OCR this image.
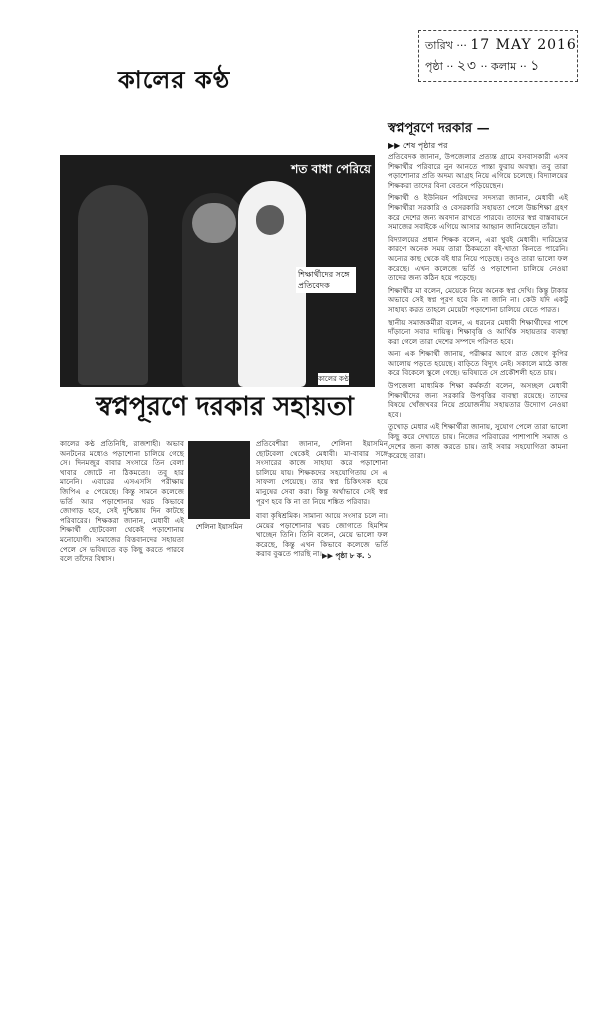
তারিখ ··· 17 MAY 2016
পৃষ্ঠা ·· ২৩ ·· কলাম ·· ১
কালের কণ্ঠ
শত বাধা পেরিয়ে
শিক্ষার্থীদের সঙ্গে প্রতিবেদক
কালের কণ্ঠ
স্বপ্নপূরণে দরকার সহায়তা
কালের কণ্ঠ প্রতিনিধি, রাজশাহী। অভাব অনটনের মধ্যেও পড়াশোনা চালিয়ে গেছে সে। দিনমজুর বাবার সংসারে তিন বেলা খাবার জোটে না ঠিকমতো। তবু হার মানেনি। এবারের এসএসসি পরীক্ষায় জিপিএ ৫ পেয়েছে। কিন্তু সামনে কলেজে ভর্তি আর পড়াশোনার খরচ কিভাবে জোগাড় হবে, সেই দুশ্চিন্তায় দিন কাটছে পরিবারের। শিক্ষকরা জানান, মেধাবী এই শিক্ষার্থী ছোটবেলা থেকেই পড়াশোনায় মনোযোগী। সমাজের বিত্তবানদের সহায়তা পেলে সে ভবিষ্যতে বড় কিছু করতে পারবে বলে তাঁদের বিশ্বাস।
শেলিনা ইয়াসমিন
প্রতিবেশীরা জানান, শেলিনা ইয়াসমিন ছোটবেলা থেকেই মেধাবী। মা-বাবার সঙ্গে সংসারের কাজে সাহায্য করে পড়াশোনা চালিয়ে যায়। শিক্ষকদের সহযোগিতায় সে এ সাফল্য পেয়েছে। তার স্বপ্ন চিকিৎসক হয়ে মানুষের সেবা করা। কিন্তু অর্থাভাবে সেই স্বপ্ন পূরণ হবে কি না তা নিয়ে শঙ্কিত পরিবার।
বাবা কৃষিশ্রমিক। সামান্য আয়ে সংসার চলে না। মেয়ের পড়াশোনার খরচ জোগাতে হিমশিম খাচ্ছেন তিনি। তিনি বলেন, মেয়ে ভালো ফল করেছে, কিন্তু এখন কিভাবে কলেজে ভর্তি করাব বুঝতে পারছি না। ▶▶ পৃষ্ঠা ৮ ক. ১
স্বপ্নপূরণে দরকার —
▶▶ শেষ পৃষ্ঠার পর

প্রতিবেদক জানান, উপজেলার প্রত্যন্ত গ্রামে বসবাসকারী এসব শিক্ষার্থীর পরিবারে নুন আনতে পান্তা ফুরায় অবস্থা। তবু তারা পড়াশোনার প্রতি অদম্য আগ্রহ নিয়ে এগিয়ে চলেছে। বিদ্যালয়ের শিক্ষকরা তাদের বিনা বেতনে পড়িয়েছেন।

শিক্ষার্থী ও ইউনিয়ন পরিষদের সদস্যরা জানান, মেধাবী এই শিক্ষার্থীরা সরকারি ও বেসরকারি সহায়তা পেলে উচ্চশিক্ষা গ্রহণ করে দেশের জন্য অবদান রাখতে পারবে। তাদের স্বপ্ন বাস্তবায়নে সমাজের সবাইকে এগিয়ে আসার আহ্বান জানিয়েছেন তাঁরা।

বিদ্যালয়ের প্রধান শিক্ষক বলেন, এরা খুবই মেধাবী। দারিদ্র্যের কারণে অনেক সময় তারা ঠিকমতো বই-খাতা কিনতে পারেনি। অন্যের কাছ থেকে বই ধার নিয়ে পড়েছে। তবুও তারা ভালো ফল করেছে। এখন কলেজে ভর্তি ও পড়াশোনা চালিয়ে নেওয়া তাদের জন্য কঠিন হয়ে পড়েছে।

শিক্ষার্থীর মা বলেন, মেয়েকে নিয়ে অনেক স্বপ্ন দেখি। কিন্তু টাকার অভাবে সেই স্বপ্ন পূরণ হবে কি না জানি না। কেউ যদি একটু সাহায্য করত তাহলে মেয়েটা পড়াশোনা চালিয়ে যেতে পারত।

স্থানীয় সমাজকর্মীরা বলেন, এ ধরনের মেধাবী শিক্ষার্থীদের পাশে দাঁড়ানো সবার দায়িত্ব। শিক্ষাবৃত্তি ও আর্থিক সহায়তার ব্যবস্থা করা গেলে তারা দেশের সম্পদে পরিণত হবে।

অন্য এক শিক্ষার্থী জানায়, পরীক্ষার আগে রাত জেগে কুপির আলোয় পড়তে হয়েছে। বাড়িতে বিদ্যুৎ নেই। সকালে মাঠে কাজ করে বিকেলে স্কুলে গেছে। ভবিষ্যতে সে প্রকৌশলী হতে চায়।

উপজেলা মাধ্যমিক শিক্ষা কর্মকর্তা বলেন, অসচ্ছল মেধাবী শিক্ষার্থীদের জন্য সরকারি উপবৃত্তির ব্যবস্থা রয়েছে। তাদের বিষয়ে খোঁজখবর নিয়ে প্রয়োজনীয় সহায়তার উদ্যোগ নেওয়া হবে।

তুখোড় মেধার এই শিক্ষার্থীরা জানায়, সুযোগ পেলে তারা ভালো কিছু করে দেখাতে চায়। নিজের পরিবারের পাশাপাশি সমাজ ও দেশের জন্য কাজ করতে চায়। তাই সবার সহযোগিতা কামনা করেছে তারা।
